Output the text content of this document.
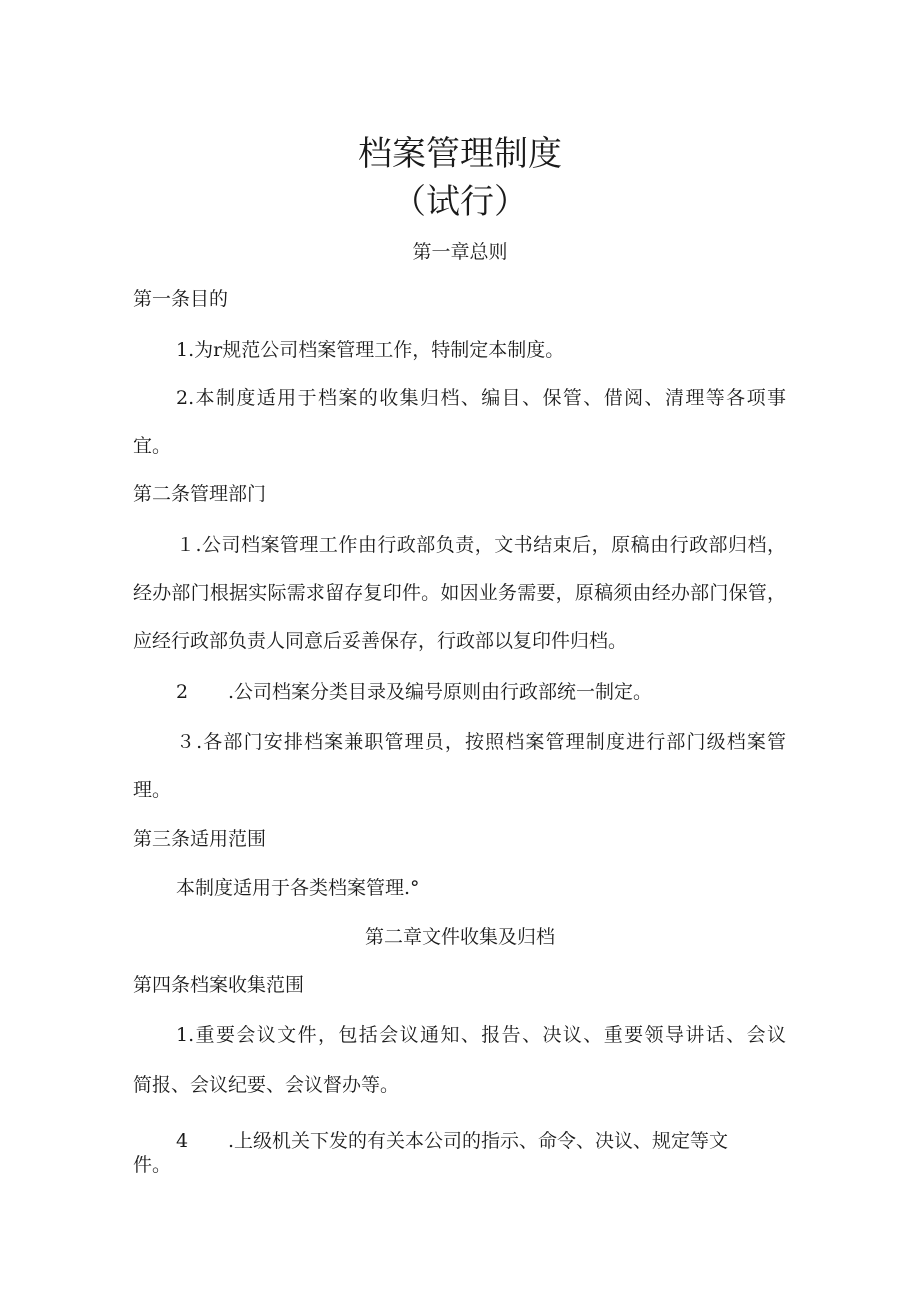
档案管理制度
（试行）
第一章总则
第一条目的
1.为r规范公司档案管理工作，特制定本制度。
2.本制度适用于档案的收集归档、编目、保管、借阅、清理等各项事
宜。
第二条管理部门
１.公司档案管理工作由行政部负责，文书结束后，原稿由行政部归档，
经办部门根据实际需求留存复印件。如因业务需要，原稿须由经办部门保管，
应经行政部负责人同意后妥善保存，行政部以复印件归档。
2 .公司档案分类目录及编号原则由行政部统一制定。
３.各部门安排档案兼职管理员，按照档案管理制度进行部门级档案管
理。
第三条适用范围
本制度适用于各类档案管理.°
第二章文件收集及归档
第四条档案收集范围
1.重要会议文件，包括会议通知、报告、决议、重要领导讲话、会议
简报、会议纪要、会议督办等。
4 .上级机关下发的有关本公司的指示、命令、决议、规定等文
件。
